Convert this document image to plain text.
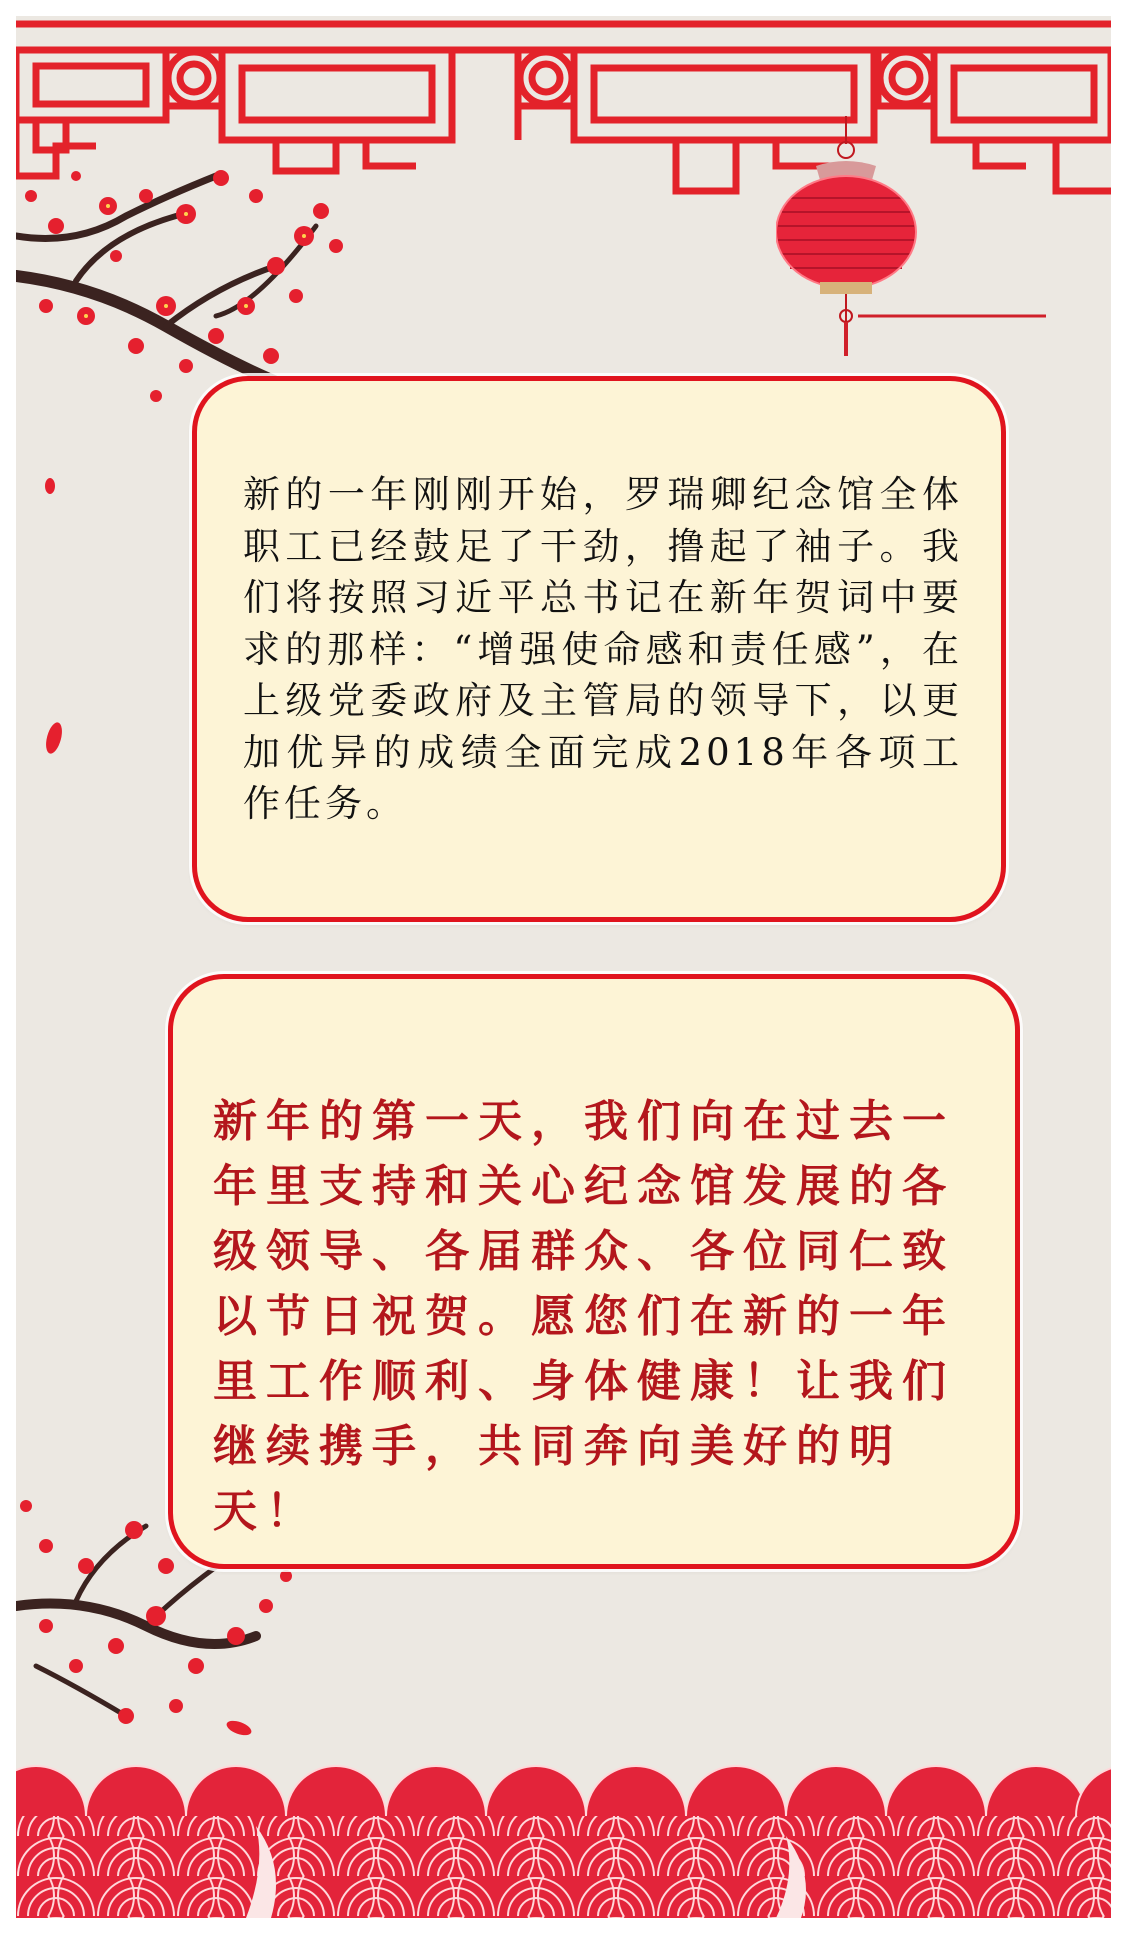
新的一年刚刚开始，罗瑞卿纪念馆全体职工已经鼓足了干劲，撸起了袖子。我们将按照习近平总书记在新年贺词中要求的那样：“增强使命感和责任感”，在上级党委政府及主管局的领导下，以更加优异的成绩全面完成2018年各项工作任务。
新年的第一天，我们向在过去一年里支持和关心纪念馆发展的各级领导、各届群众、各位同仁致以节日祝贺。愿您们在新的一年里工作顺利、身体健康！让我们继续携手，共同奔向美好的明天！
